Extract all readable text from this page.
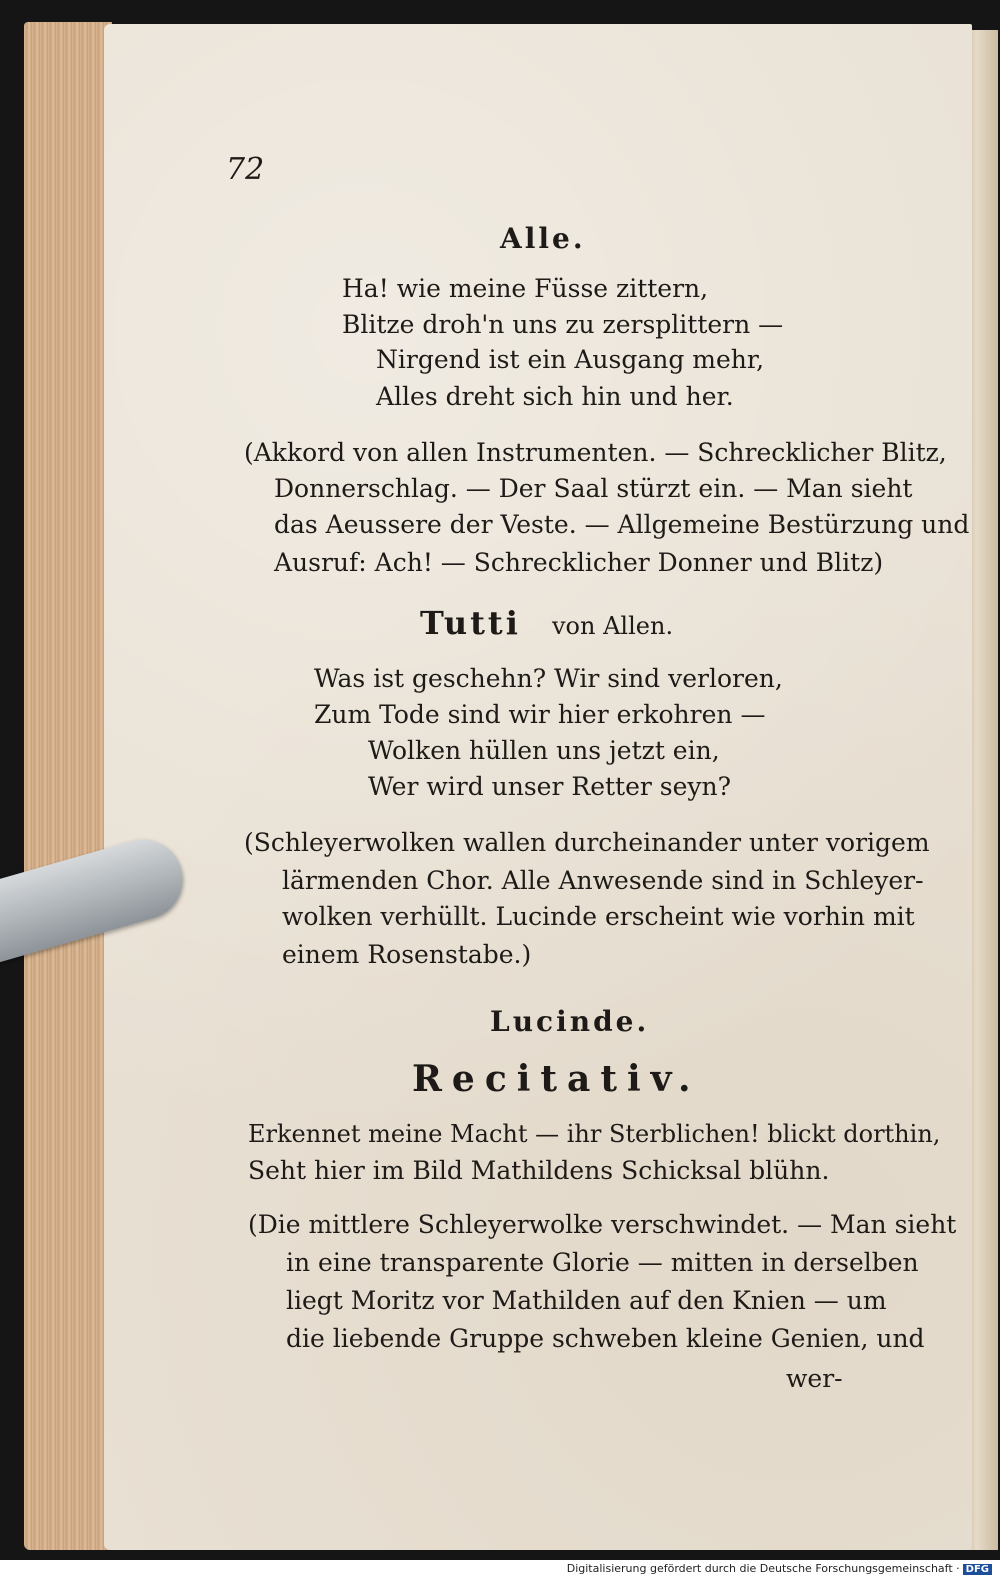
72
Alle.
Ha! wie meine Füsse zittern,
Blitze droh'n uns zu zersplittern —
Nirgend ist ein Ausgang mehr,
Alles dreht sich hin und her.
(Akkord von allen Instrumenten. — Schrecklicher Blitz,
Donnerschlag. — Der Saal stürzt ein. — Man sieht
das Aeussere der Veste. — Allgemeine Bestürzung und
Ausruf: Ach! — Schrecklicher Donner und Blitz)
Tutti von Allen.
Was ist geschehn? Wir sind verloren,
Zum Tode sind wir hier erkohren —
Wolken hüllen uns jetzt ein,
Wer wird unser Retter seyn?
(Schleyerwolken wallen durcheinander unter vorigem
lärmenden Chor. Alle Anwesende sind in Schleyer-
wolken verhüllt. Lucinde erscheint wie vorhin mit
einem Rosenstabe.)
Lucinde.
Recitativ.
Erkennet meine Macht — ihr Sterblichen! blickt dorthin,
Seht hier im Bild Mathildens Schicksal blühn.
(Die mittlere Schleyerwolke verschwindet. — Man sieht
in eine transparente Glorie — mitten in derselben
liegt Moritz vor Mathilden auf den Knien — um
die liebende Gruppe schweben kleine Genien, und
wer-
Digitalisierung gefördert durch die Deutsche Forschungsgemeinschaft · DFG
